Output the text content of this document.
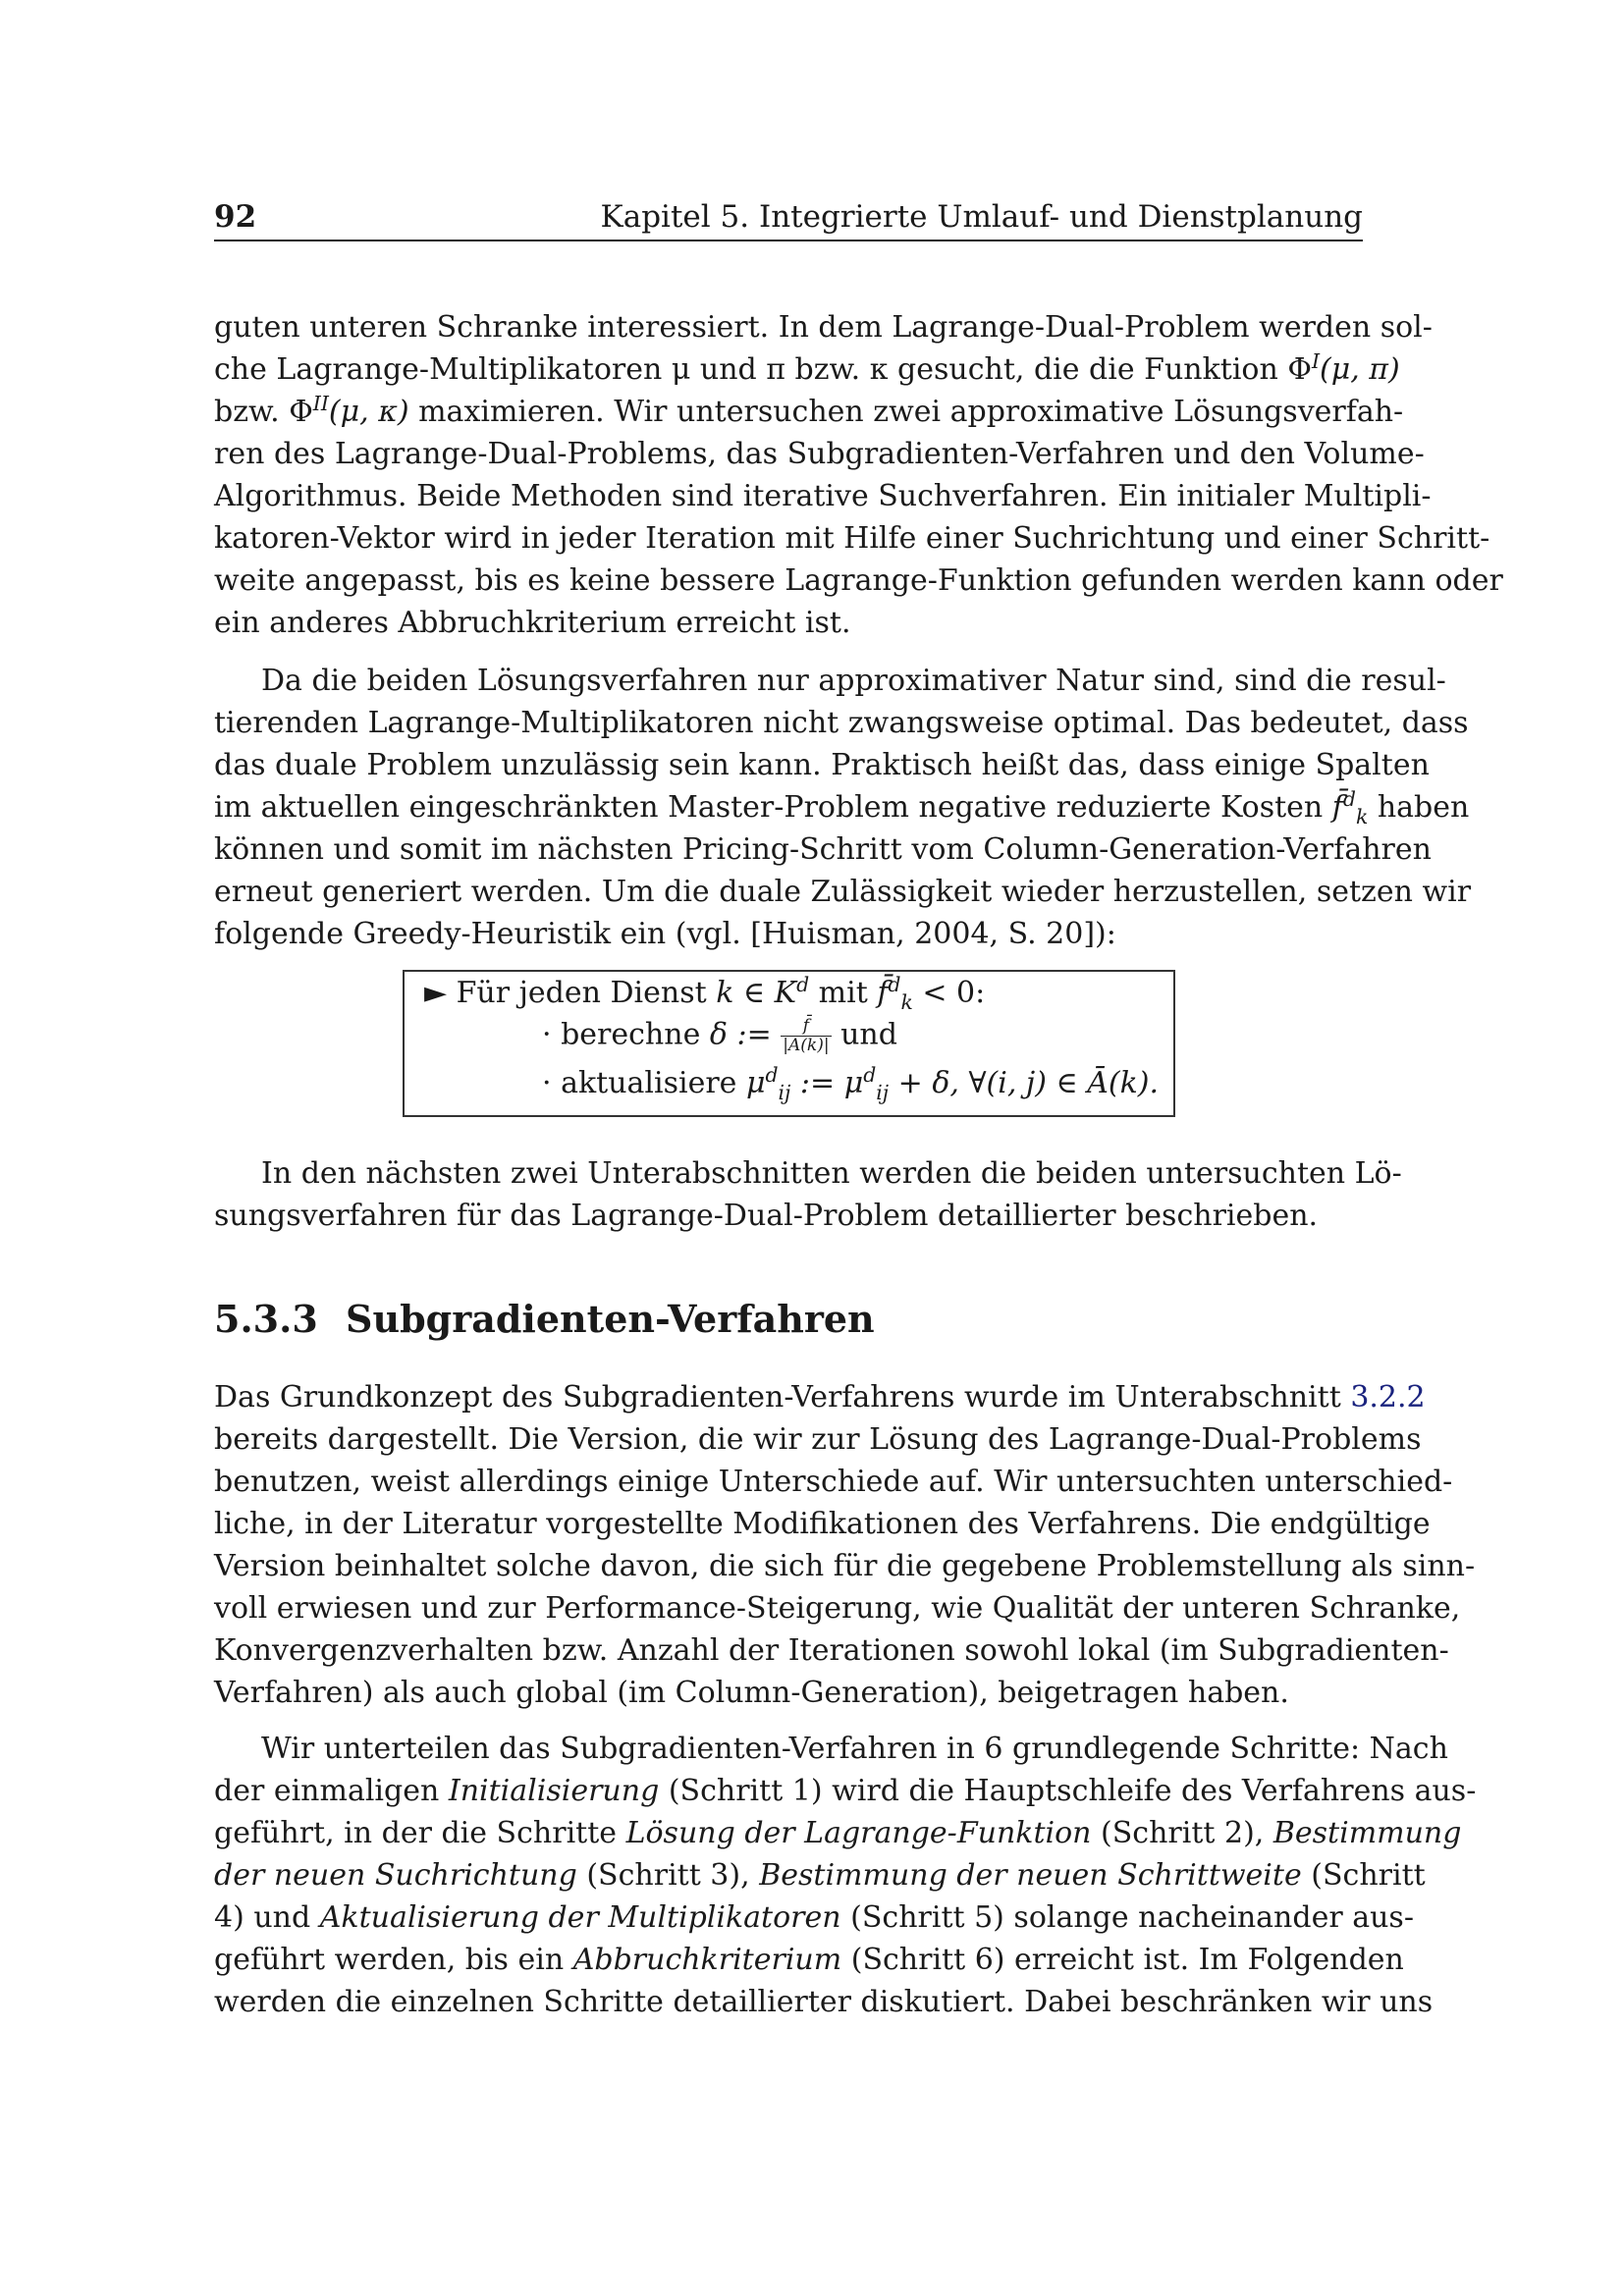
92	Kapitel 5. Integrierte Umlauf- und Dienstplanung
guten unteren Schranke interessiert. In dem Lagrange-Dual-Problem werden sol-
che Lagrange-Multiplikatoren μ und π bzw. κ gesucht, die die Funktion $\Phi^I(\mu$, π)
bzw. $\Phi^{II}(\mu$, κ) maximieren. Wir untersuchen zwei approximative Lösungsverfah-
ren des Lagrange-Dual-Problems, das Subgradienten-Verfahren und den Volume-
Algorithmus. Beide Methoden sind iterative Suchverfahren. Ein initialer Multipli-
katoren-Vektor wird in jeder Iteration mit Hilfe einer Suchrichtung und einer Schritt-
weite angepasst, bis es keine bessere Lagrange-Funktion gefunden werden kann oder
ein anderes Abbruchkriterium erreicht ist.
Da die beiden Lösungsverfahren nur approximativer Natur sind, sind die resul-
tierenden Lagrange-Multiplikatoren nicht zwangsweise optimal. Das bedeutet, dass
das duale Problem unzulässig sein kann. Praktisch heißt das, dass einige Spalten
im aktuellen eingeschränkten Master-Problem negative reduzierte Kosten f̄$^d_k$ haben
können und somit im nächsten Pricing-Schritt vom Column-Generation-Verfahren
erneut generiert werden. Um die duale Zulässigkeit wieder herzustellen, setzen wir
folgende Greedy-Heuristik ein (vgl. [Huisman, 2004, S. 20]):
► Für jeden Dienst k ∈ $K^d$ mit f̄$^d_k$ < 0:
· berechne δ := $\frac{f̄}{|A(k)|}$ und
· aktualisiere $\mu^d_{ij}$ := $\mu^d_{ij} + \delta$, ∀(i, j) ∈ Ā(k).
In den nächsten zwei Unterabschnitten werden die beiden untersuchten Lö-
sungsverfahren für das Lagrange-Dual-Problem detaillierter beschrieben.
5.3.3 Subgradienten-Verfahren
Das Grundkonzept des Subgradienten-Verfahrens wurde im Unterabschnitt 3.2.2
bereits dargestellt. Die Version, die wir zur Lösung des Lagrange-Dual-Problems
benutzen, weist allerdings einige Unterschiede auf. Wir untersuchten unterschied-
liche, in der Literatur vorgestellte Modifikationen des Verfahrens. Die endgültige
Version beinhaltet solche davon, die sich für die gegebene Problemstellung als sinn-
voll erwiesen und zur Performance-Steigerung, wie Qualität der unteren Schranke,
Konvergenzverhalten bzw. Anzahl der Iterationen sowohl lokal (im Subgradienten-
Verfahren) als auch global (im Column-Generation), beigetragen haben.
Wir unterteilen das Subgradienten-Verfahren in 6 grundlegende Schritte: Nach
der einmaligen Initialisierung (Schritt 1) wird die Hauptschleife des Verfahrens aus-
geführt, in der die Schritte Lösung der Lagrange-Funktion (Schritt 2), Bestimmung
der neuen Suchrichtung (Schritt 3), Bestimmung der neuen Schrittweite (Schritt
4) und Aktualisierung der Multiplikatoren (Schritt 5) solange nacheinander aus-
geführt werden, bis ein Abbruchkriterium (Schritt 6) erreicht ist. Im Folgenden
werden die einzelnen Schritte detaillierter diskutiert. Dabei beschränken wir uns
